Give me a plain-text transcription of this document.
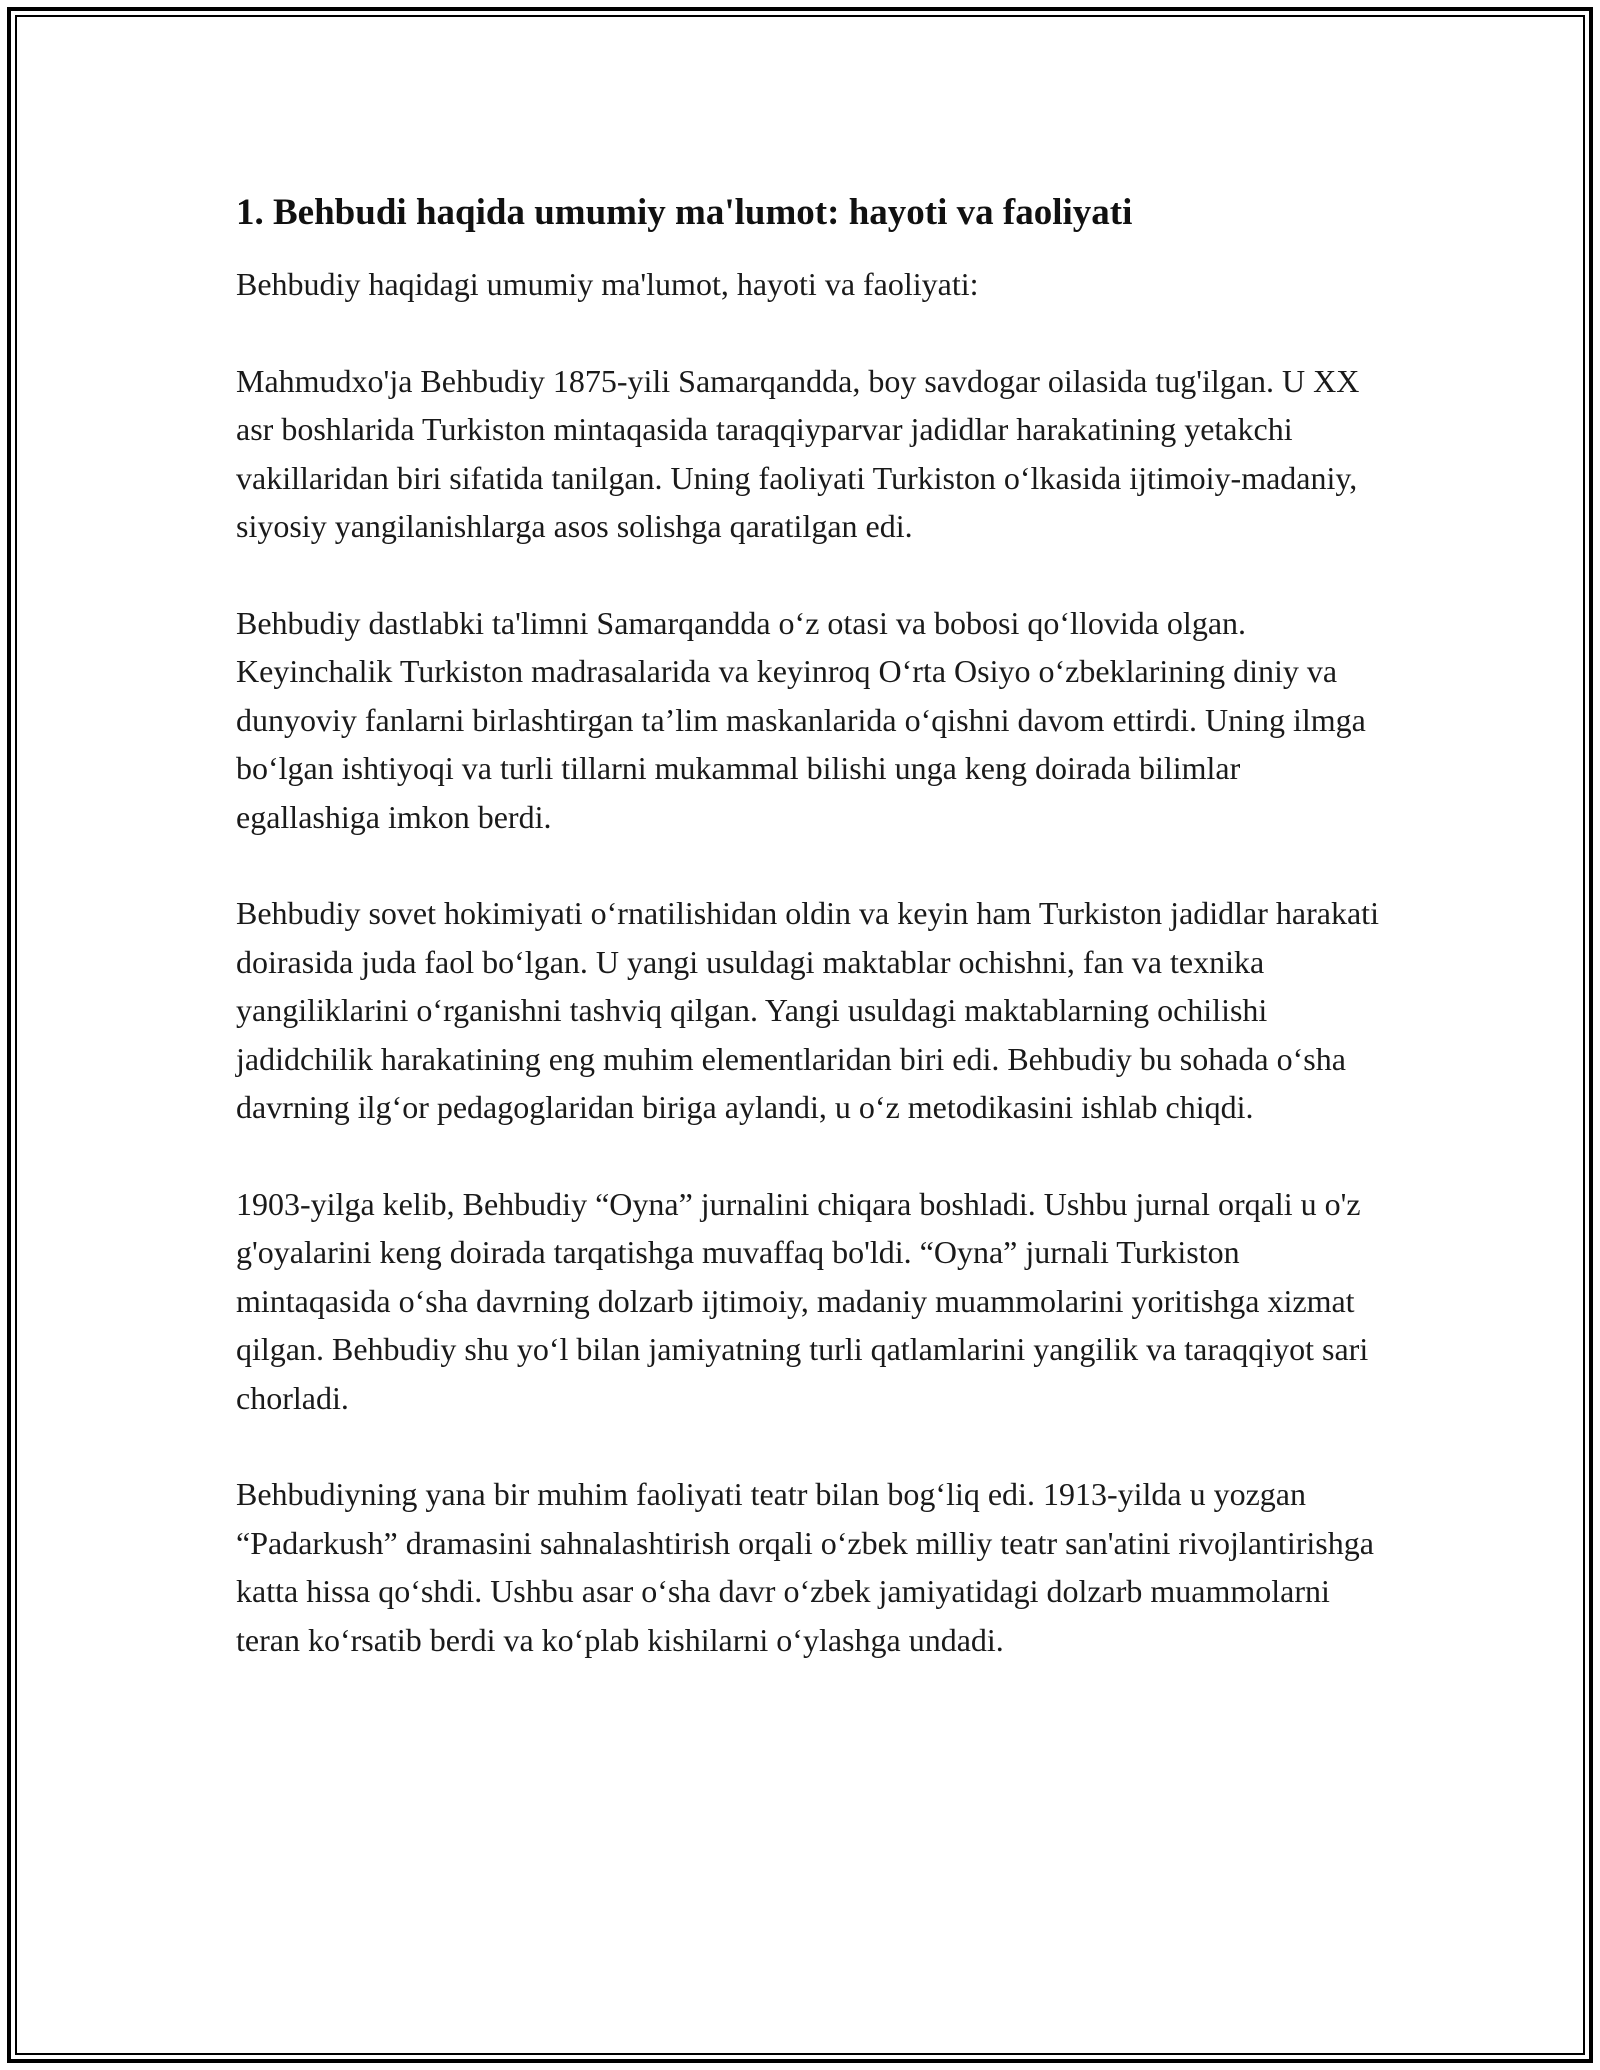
1. Behbudi haqida umumiy ma'lumot: hayoti va faoliyati

Behbudiy haqidagi umumiy ma'lumot, hayoti va faoliyati:

Mahmudxo'ja Behbudiy 1875-yili Samarqandda, boy savdogar oilasida tug'ilgan. U XX asr boshlarida Turkiston mintaqasida taraqqiyparvar jadidlar harakatining yetakchi vakillaridan biri sifatida tanilgan. Uning faoliyati Turkiston o‘lkasida ijtimoiy-madaniy, siyosiy yangilanishlarga asos solishga qaratilgan edi.

Behbudiy dastlabki ta'limni Samarqandda o‘z otasi va bobosi qo‘llovida olgan. Keyinchalik Turkiston madrasalarida va keyinroq O‘rta Osiyo o‘zbeklarining diniy va dunyoviy fanlarni birlashtirgan ta’lim maskanlarida o‘qishni davom ettirdi. Uning ilmga bo‘lgan ishtiyoqi va turli tillarni mukammal bilishi unga keng doirada bilimlar egallashiga imkon berdi.

Behbudiy sovet hokimiyati o‘rnatilishidan oldin va keyin ham Turkiston jadidlar harakati doirasida juda faol bo‘lgan. U yangi usuldagi maktablar ochishni, fan va texnika yangiliklarini o‘rganishni tashviq qilgan. Yangi usuldagi maktablarning ochilishi jadidchilik harakatining eng muhim elementlaridan biri edi. Behbudiy bu sohada o‘sha davrning ilg‘or pedagoglaridan biriga aylandi, u o‘z metodikasini ishlab chiqdi.

1903-yilga kelib, Behbudiy “Oyna” jurnalini chiqara boshladi. Ushbu jurnal orqali u o'z g'oyalarini keng doirada tarqatishga muvaffaq bo'ldi. “Oyna” jurnali Turkiston mintaqasida o‘sha davrning dolzarb ijtimoiy, madaniy muammolarini yoritishga xizmat qilgan. Behbudiy shu yo‘l bilan jamiyatning turli qatlamlarini yangilik va taraqqiyot sari chorladi.

Behbudiyning yana bir muhim faoliyati teatr bilan bog‘liq edi. 1913-yilda u yozgan “Padarkush” dramasini sahnalashtirish orqali o‘zbek milliy teatr san'atini rivojlantirishga katta hissa qo‘shdi. Ushbu asar o‘sha davr o‘zbek jamiyatidagi dolzarb muammolarni teran ko‘rsatib berdi va ko‘plab kishilarni o‘ylashga undadi.
